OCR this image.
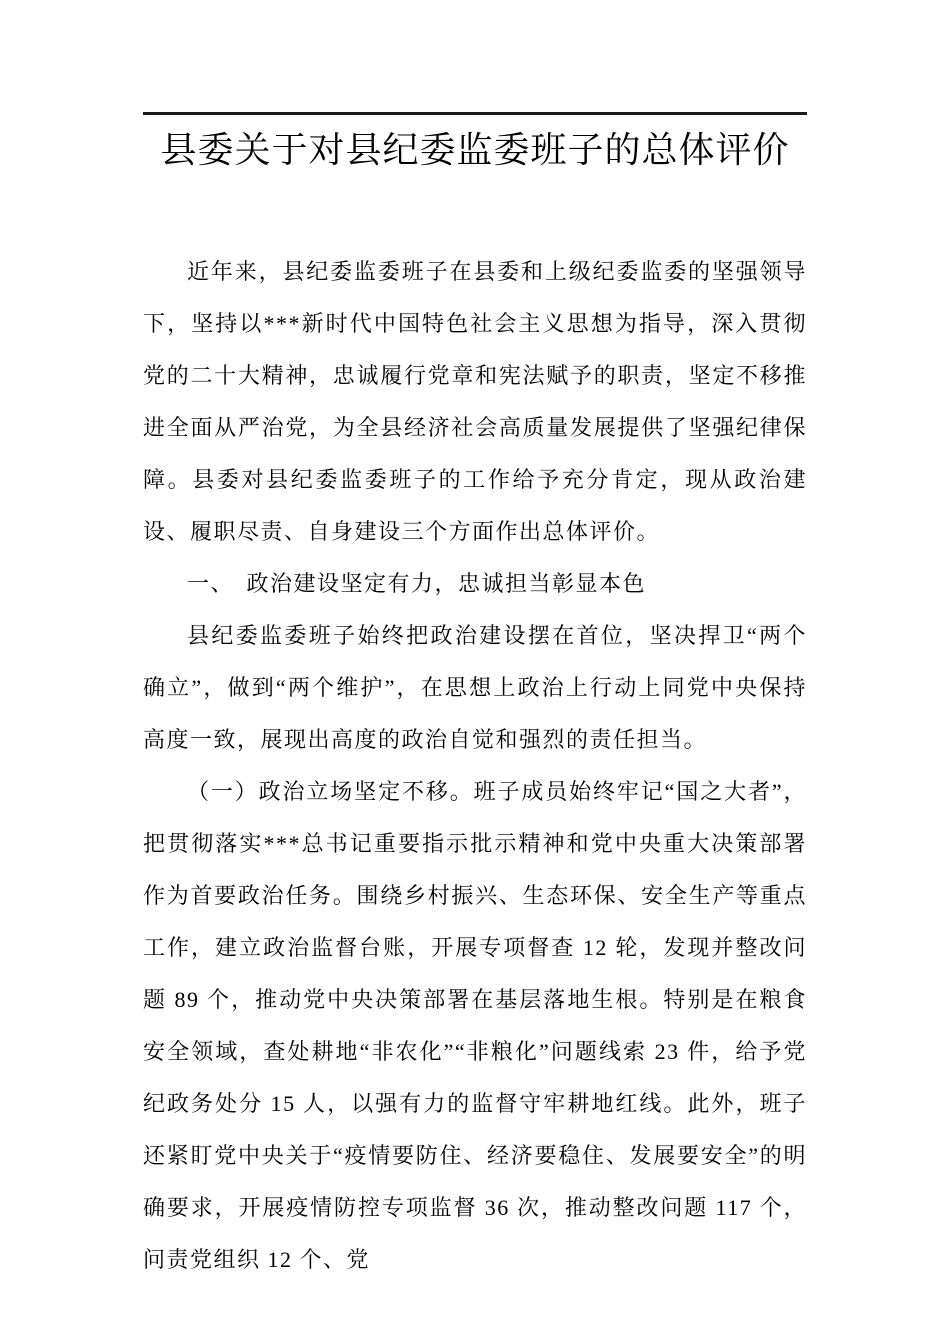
县委关于对县纪委监委班子的总体评价

近年来，县纪委监委班子在县委和上级纪委监委的坚强领导下，坚持以***新时代中国特色社会主义思想为指导，深入贯彻党的二十大精神，忠诚履行党章和宪法赋予的职责，坚定不移推进全面从严治党，为全县经济社会高质量发展提供了坚强纪律保障。县委对县纪委监委班子的工作给予充分肯定，现从政治建设、履职尽责、自身建设三个方面作出总体评价。

一、　政治建设坚定有力，忠诚担当彰显本色

县纪委监委班子始终把政治建设摆在首位，坚决捍卫“两个确立”，做到“两个维护”，在思想上政治上行动上同党中央保持高度一致，展现出高度的政治自觉和强烈的责任担当。

（一）政治立场坚定不移。班子成员始终牢记“国之大者”，把贯彻落实***总书记重要指示批示精神和党中央重大决策部署作为首要政治任务。围绕乡村振兴、生态环保、安全生产等重点工作，建立政治监督台账，开展专项督查 12 轮，发现并整改问题 89 个，推动党中央决策部署在基层落地生根。特别是在粮食安全领域，查处耕地“非农化”“非粮化”问题线索 23 件，给予党纪政务处分 15 人，以强有力的监督守牢耕地红线。此外，班子还紧盯党中央关于“疫情要防住、经济要稳住、发展要安全”的明确要求，开展疫情防控专项监督 36 次，推动整改问题 117 个，问责党组织 12 个、党
